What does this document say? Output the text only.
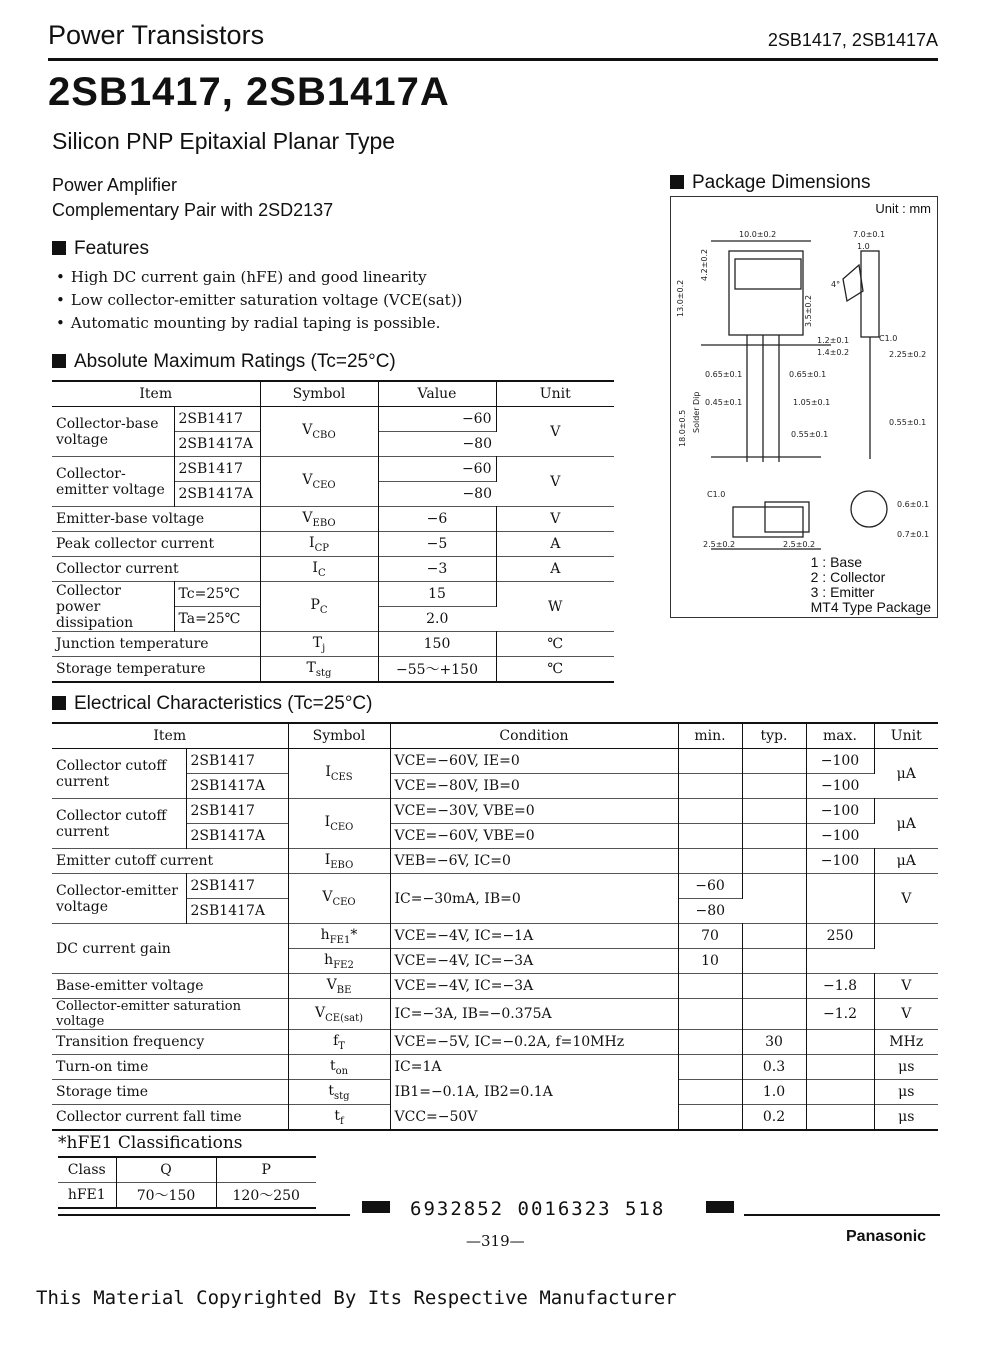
Power Transistors	2SB1417, 2SB1417A
2SB1417, 2SB1417A
Silicon PNP Epitaxial Planar Type
Power Amplifier
Complementary Pair with 2SD2137
Features
• High DC current gain (hFE) and good linearity
• Low collector-emitter saturation voltage (VCE(sat))
• Automatic mounting by radial taping is possible.
Package Dimensions
Unit : mm
10.0±0.2
4.2±0.2
13.0±0.2
7.0±0.1
1.0
1.2±0.1
1.4±0.2	2.25±0.2
0.65±0.1
0.45±0.1
0.65±0.1
1.05±0.1
0.55±0.1
0.55±0.1
18.0±0.5 Solder Dip
C1.0
C1.0
2.5±0.2	2.5±0.2
0.6±0.1
0.7±0.1
3.5±0.2
4°
1 : Base
2 : Collector
3 : Emitter
MT4 Type Package
Absolute Maximum Ratings (Tc=25°C)
Item		Symbol	Value	Unit
Collector-base voltage	2SB1417	$V_{CBO}$	−60	V
	2SB1417A		−80	
Collector-emitter voltage	2SB1417	$V_{CEO}$	−60	V
	2SB1417A		−80	
Emitter-base voltage		$V_{EBO}$	−6	V
Peak collector current		$I_{CP}$	−5	A
Collector current		$I_C$	−3	A
Collector power dissipation	Tc=25℃	$P_C$	15	W
	Ta=25℃		2.0	
Junction temperature		$T_j$	150	℃
Storage temperature		$T_{stg}$	−55～+150	℃
Electrical Characteristics (Tc=25°C)
Item		Symbol	Condition	min.	typ.	max.	Unit
Collector cutoff current	2SB1417	$I_{CES}$	VCE=−60V, IE=0			−100	μA
	2SB1417A		VCE=−80V, IB=0			−100	
Collector cutoff current	2SB1417	$I_{CEO}$	VCE=−30V, VBE=0			−100	μA
	2SB1417A		VCE=−60V, VBE=0			−100	
Emitter cutoff current		$I_{EBO}$	VEB=−6V, IC=0			−100	μA
Collector-emitter voltage	2SB1417	$V_{CEO}$	IC=−30mA, IB=0	−60			V
	2SB1417A			−80			
DC current gain		$h_{FE1}*$	VCE=−4V, IC=−1A	70		250	
		$h_{FE2}$	VCE=−4V, IC=−3A	10			
Base-emitter voltage		$V_{BE}$	VCE=−4V, IC=−3A			−1.8	V
Collector-emitter saturation voltage		$V_{CE(sat)}$	IC=−3A, IB=−0.375A			−1.2	V
Transition frequency		$f_T$	VCE=−5V, IC=−0.2A, f=10MHz		30		MHz
Turn-on time		$t_{on}$	IC=1A		0.3		μs
Storage time		$t_{stg}$	IB1=−0.1A, IB2=0.1A		1.0		μs
Collector current fall time		$t_f$	VCC=−50V		0.2		μs
*hFE1 Classifications
Class	Q	P
hFE1	70～150	120～250
6932852 0016323 518
—319—	Panasonic
This Material Copyrighted By Its Respective Manufacturer
